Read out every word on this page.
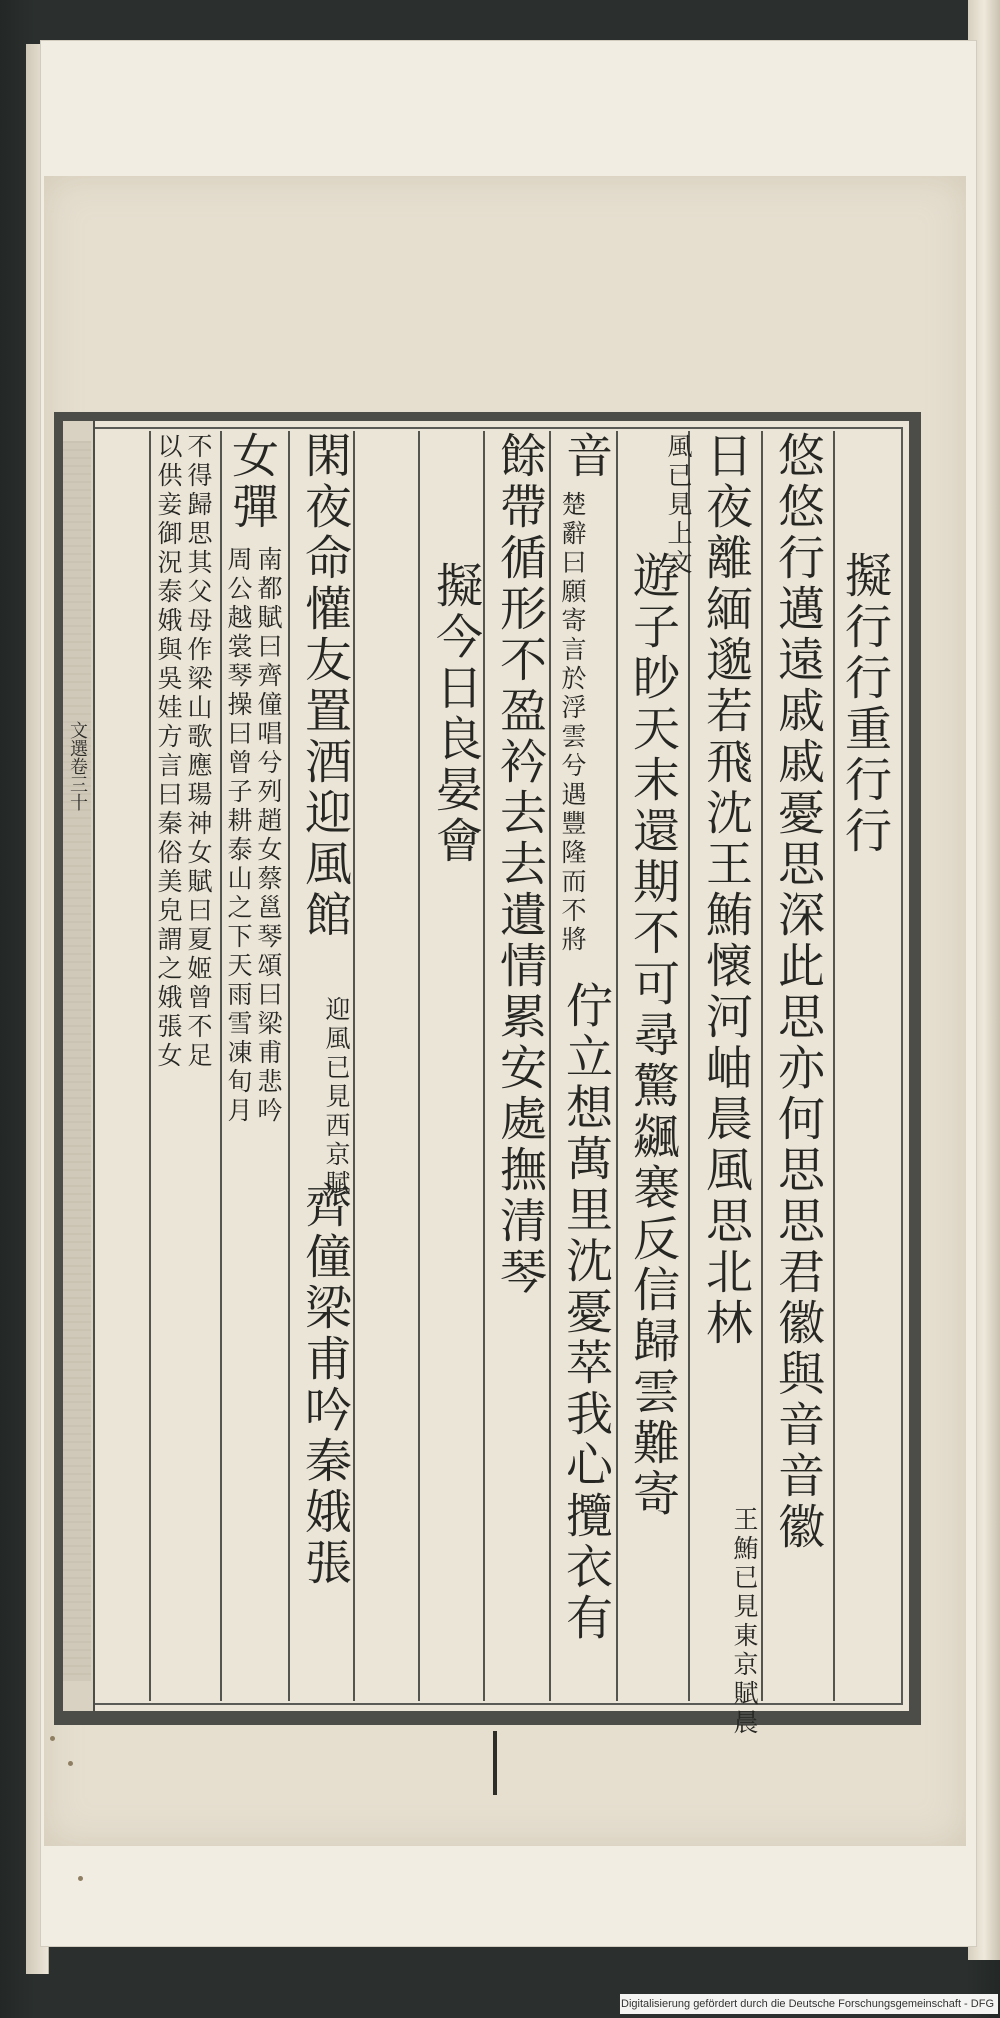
文選卷三十	擬行行重行行
悠悠行邁遠戚戚憂思深此思亦何思思君徽與音音徽
日夜離緬邈若飛沈王鮪懷河岫晨風思北林
王鮪已見東京賦晨
風已見上文
遊子眇天末還期不可尋驚飊褰反信歸雲難寄
音
楚辭曰願寄言於浮雲兮遇豐隆而不將
佇立想萬里沈憂萃我心攬衣有
餘帶循形不盈衿去去遺情累安處撫清琴
擬今日良晏會
閑夜命懽友置酒迎風館
迎風已見西京賦
齊僮梁甫吟秦娥張
女彈
南都賦曰齊僮唱兮列趙女蔡邕琴頌曰梁甫悲吟
周公越裳琴操曰曾子耕泰山之下天雨雪凍旬月
不得歸思其父母作梁山歌應瑒神女賦曰夏姬曾不足
以供妾御況泰娥與吳娃方言曰秦俗美皃謂之娥張女
Digitalisierung gefördert durch die Deutsche Forschungsgemeinschaft - DFG
